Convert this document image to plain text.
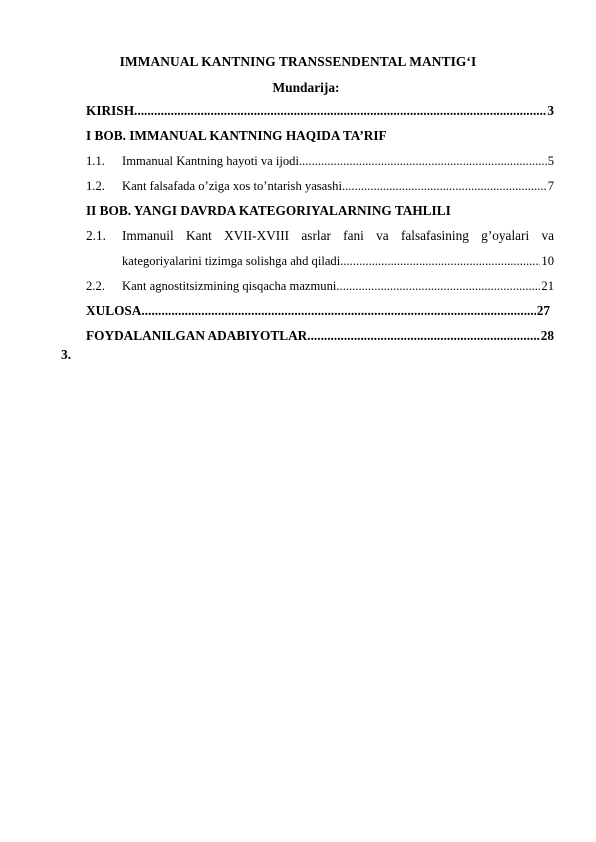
IMMANUAL KANTNING TRANSSENDENTAL MANTIG‘I
Mundarija:
KIRISH .....	3
I BOB. IMMANUAL KANTNING HAQIDA TA’RIF
1.1.	Immanual Kantning hayoti va ijodi .....	5
1.2.	Kant falsafada o’ziga xos to’ntarish yasashi .....	7
II BOB. YANGI DAVRDA KATEGORIYALARNING TAHLILI
2.1.	Immanuil Kant XVII-XVIII asrlar fani va falsafasining g’oyalari va
kategoriyalarini tizimga solishga ahd qiladi .....	10
2.2.	Kant agnostitsizmining qisqacha mazmuni .....	21
XULOSA .....	27
FOYDALANILGAN ADABIYOTLAR .....	28
3.
